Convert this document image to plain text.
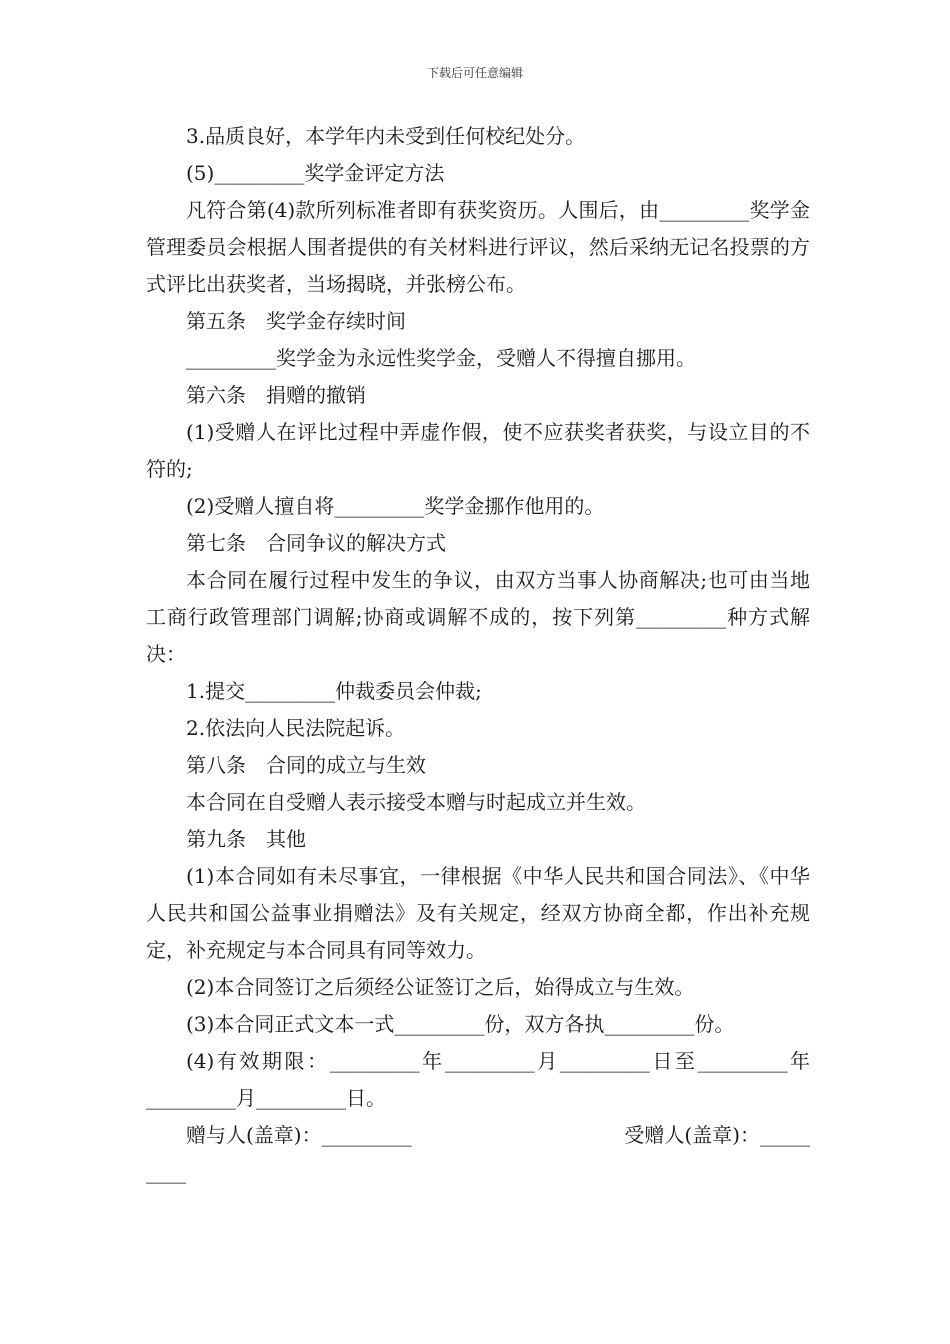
下载后可任意编辑

3.品质良好，本学年内未受到任何校纪处分。

(5)_________奖学金评定方法

凡符合第(4)款所列标准者即有获奖资历。人围后，由_________奖学金管理委员会根据人围者提供的有关材料进行评议，然后采纳无记名投票的方式评比出获奖者，当场揭晓，并张榜公布。

第五条　奖学金存续时间

_________奖学金为永远性奖学金，受赠人不得擅自挪用。

第六条　捐赠的撤销

(1)受赠人在评比过程中弄虚作假，使不应获奖者获奖，与设立目的不符的;

(2)受赠人擅自将_________奖学金挪作他用的。

第七条　合同争议的解决方式

本合同在履行过程中发生的争议，由双方当事人协商解决;也可由当地工商行政管理部门调解;协商或调解不成的，按下列第_________种方式解决：

1.提交_________仲裁委员会仲裁;

2.依法向人民法院起诉。

第八条　合同的成立与生效

本合同在自受赠人表示接受本赠与时起成立并生效。

第九条　其他

(1)本合同如有未尽事宜，一律根据《中华人民共和国合同法》、《中华人民共和国公益事业捐赠法》及有关规定，经双方协商全都，作出补充规定，补充规定与本合同具有同等效力。

(2)本合同签订之后须经公证签订之后，始得成立与生效。

(3)本合同正式文本一式_________份，双方各执_________份。

(4)有效期限：_________年_________月_________日至_________年_________月_________日。

赠与人(盖章)：_________	受赠人(盖章)：_____

____
